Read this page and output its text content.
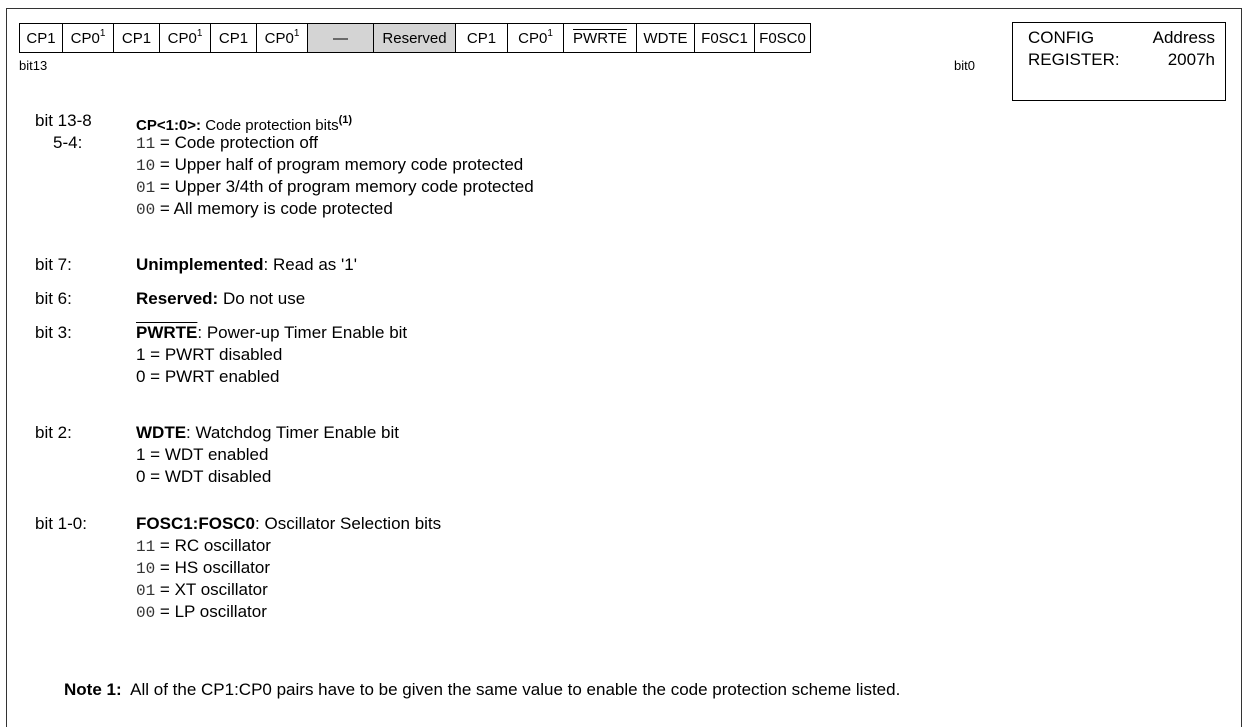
CP1	$CP0^1$	CP1	$CP0^1$	CP1	$CP0^1$	—	Reserved	CP1	$CP0^1$	PWRTE	WDTE	F0SC1	F0SC0
bit13	bit0
CONFIG	Address
REGISTER:	2007h
bit 13-8
5-4:
CP<1:0>: Code protection bits$^{(1)}$
11 = Code protection off
10 = Upper half of program memory code protected
01 = Upper 3/4th of program memory code protected
00 = All memory is code protected
bit 7:	Unimplemented: Read as '1'
bit 6:	Reserved: Do not use
bit 3:	PWRTE: Power-up Timer Enable bit
1 = PWRT disabled
0 = PWRT enabled
bit 2:	WDTE: Watchdog Timer Enable bit
1 = WDT enabled
0 = WDT disabled
bit 1-0:	FOSC1:FOSC0: Oscillator Selection bits
11 = RC oscillator
10 = HS oscillator
01 = XT oscillator
00 = LP oscillator
Note 1:  All of the CP1:CP0 pairs have to be given the same value to enable the code protection scheme listed.
